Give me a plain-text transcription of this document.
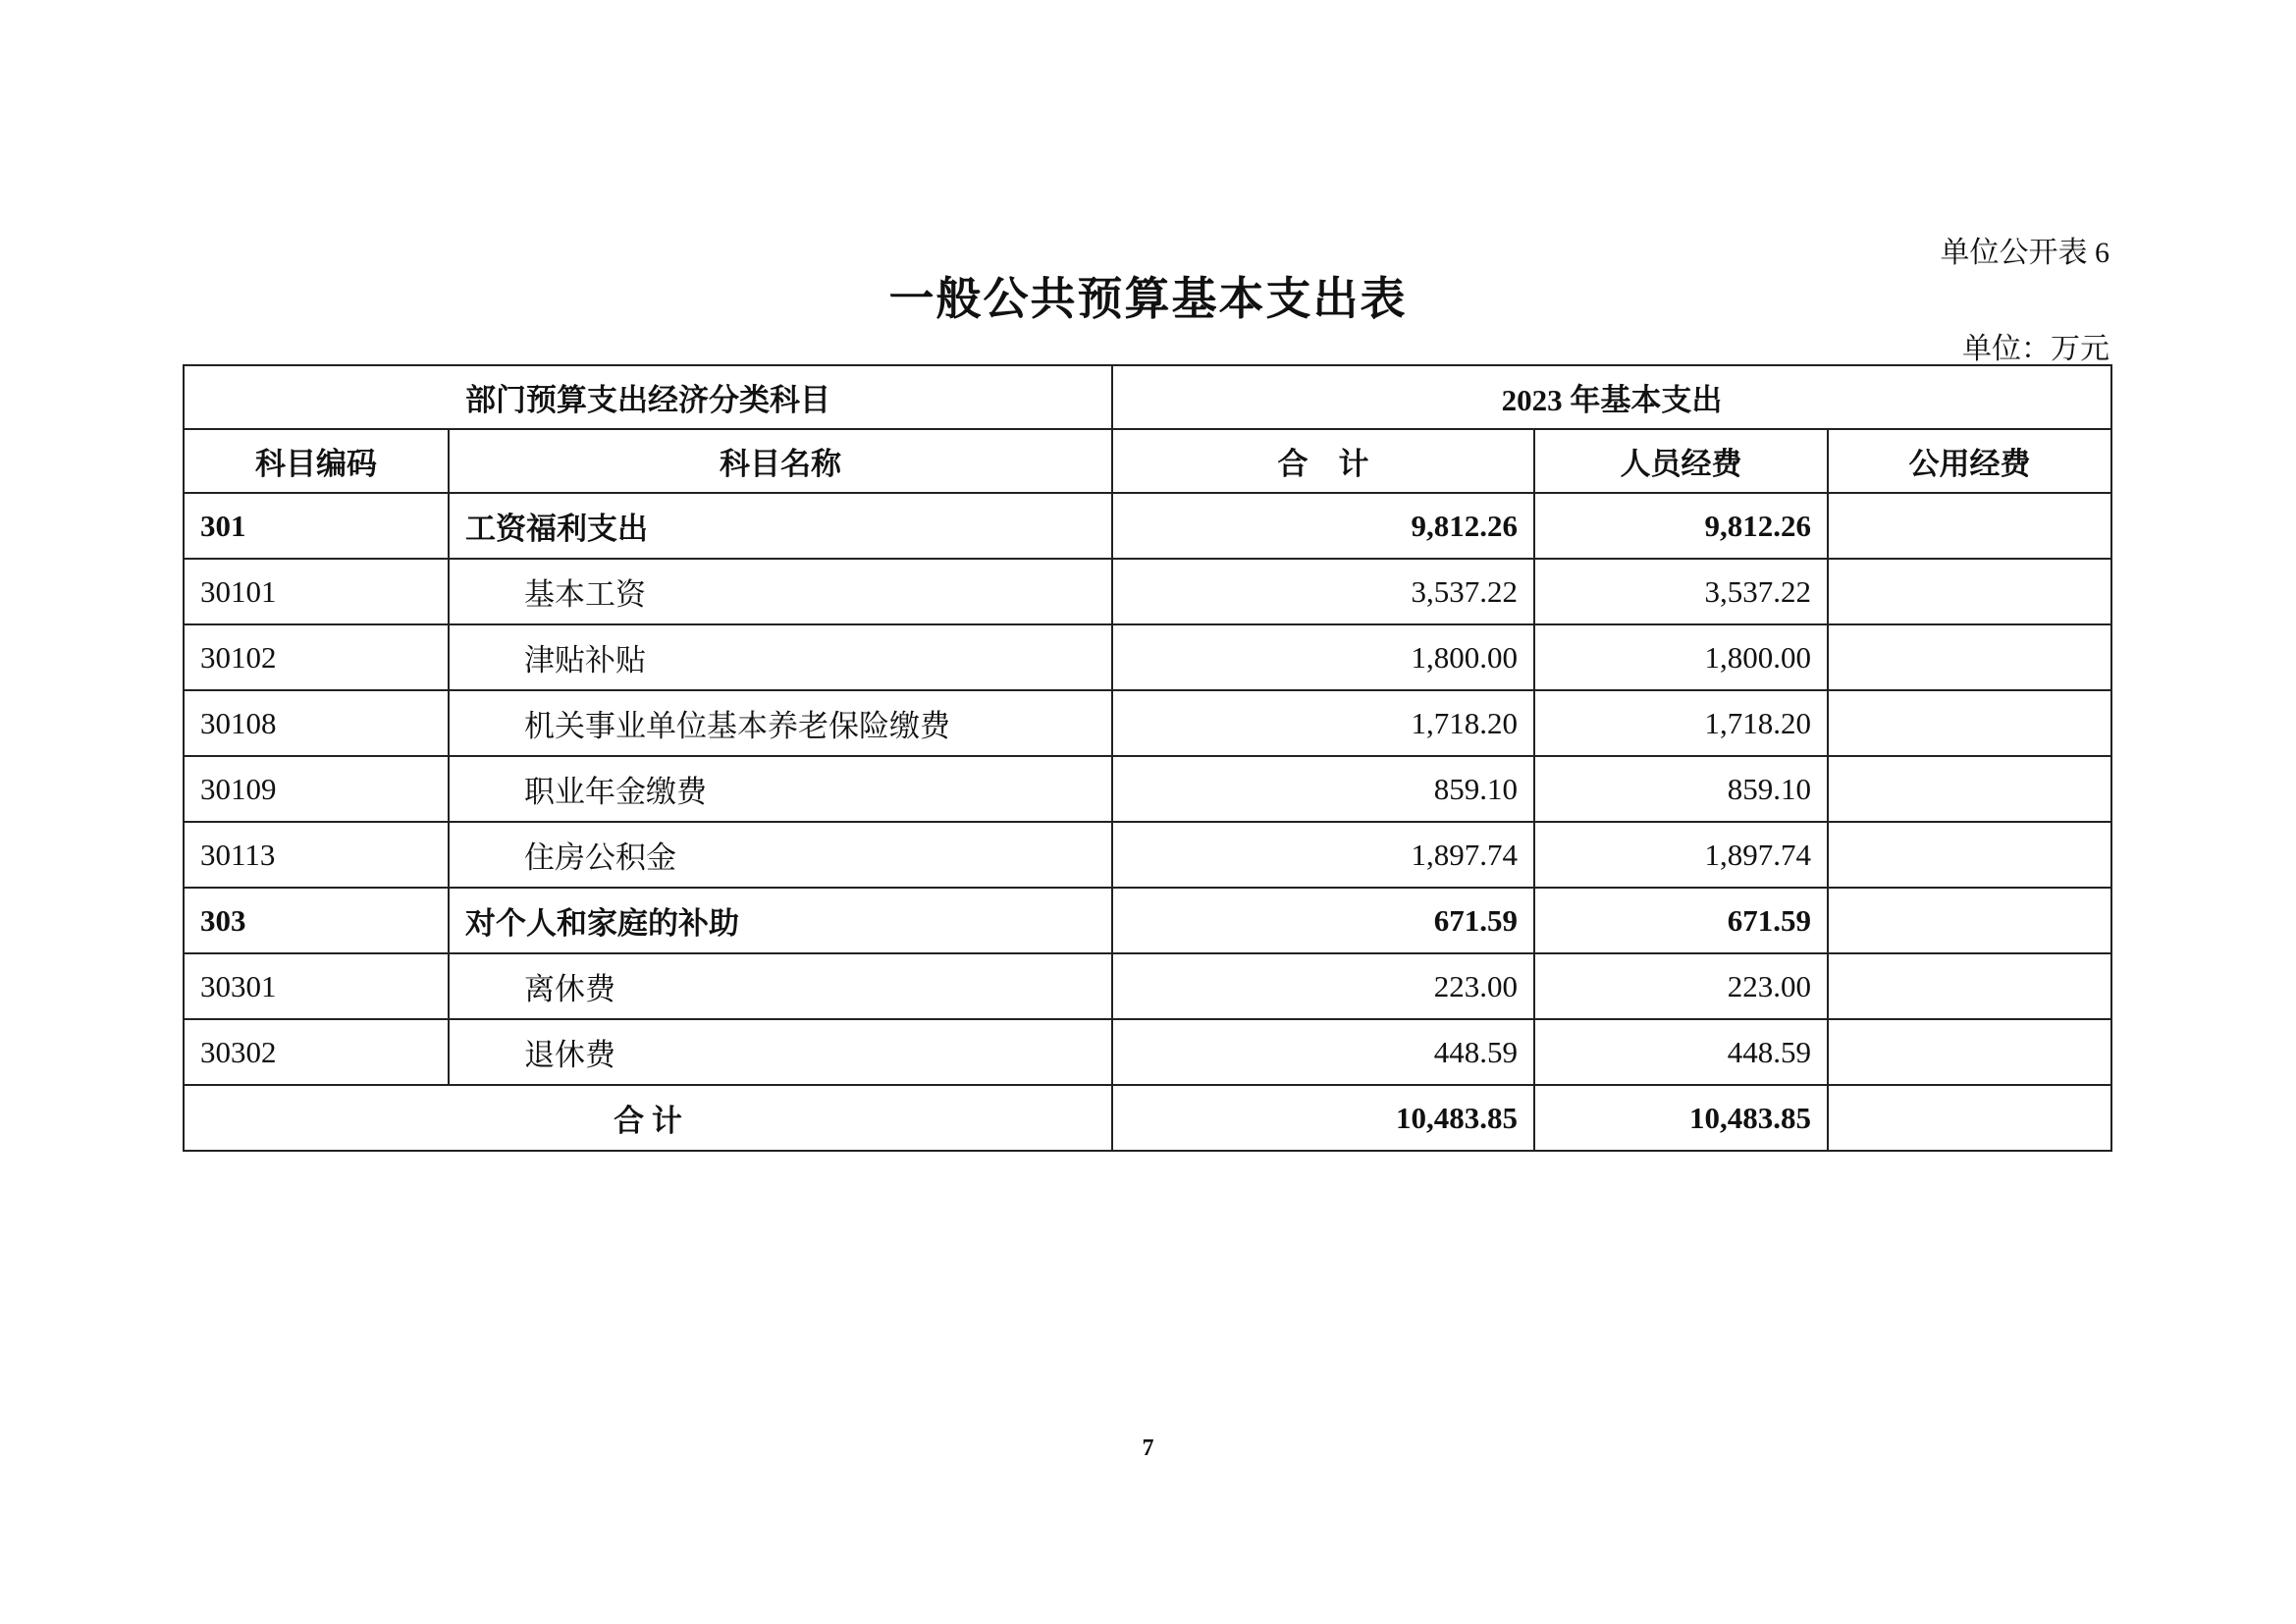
单位公开表 6
一般公共预算基本支出表
单位：万元
部门预算支出经济分类科目		2023 年基本支出		
科目编码	科目名称	合　计	人员经费	公用经费
301	工资福利支出	9,812.26	9,812.26	
30101	基本工资	3,537.22	3,537.22	
30102	津贴补贴	1,800.00	1,800.00	
30108	机关事业单位基本养老保险缴费	1,718.20	1,718.20	
30109	职业年金缴费	859.10	859.10	
30113	住房公积金	1,897.74	1,897.74	
303	对个人和家庭的补助	671.59	671.59	
30301	离休费	223.00	223.00	
30302	退休费	448.59	448.59	
合 计		10,483.85	10,483.85	
7
